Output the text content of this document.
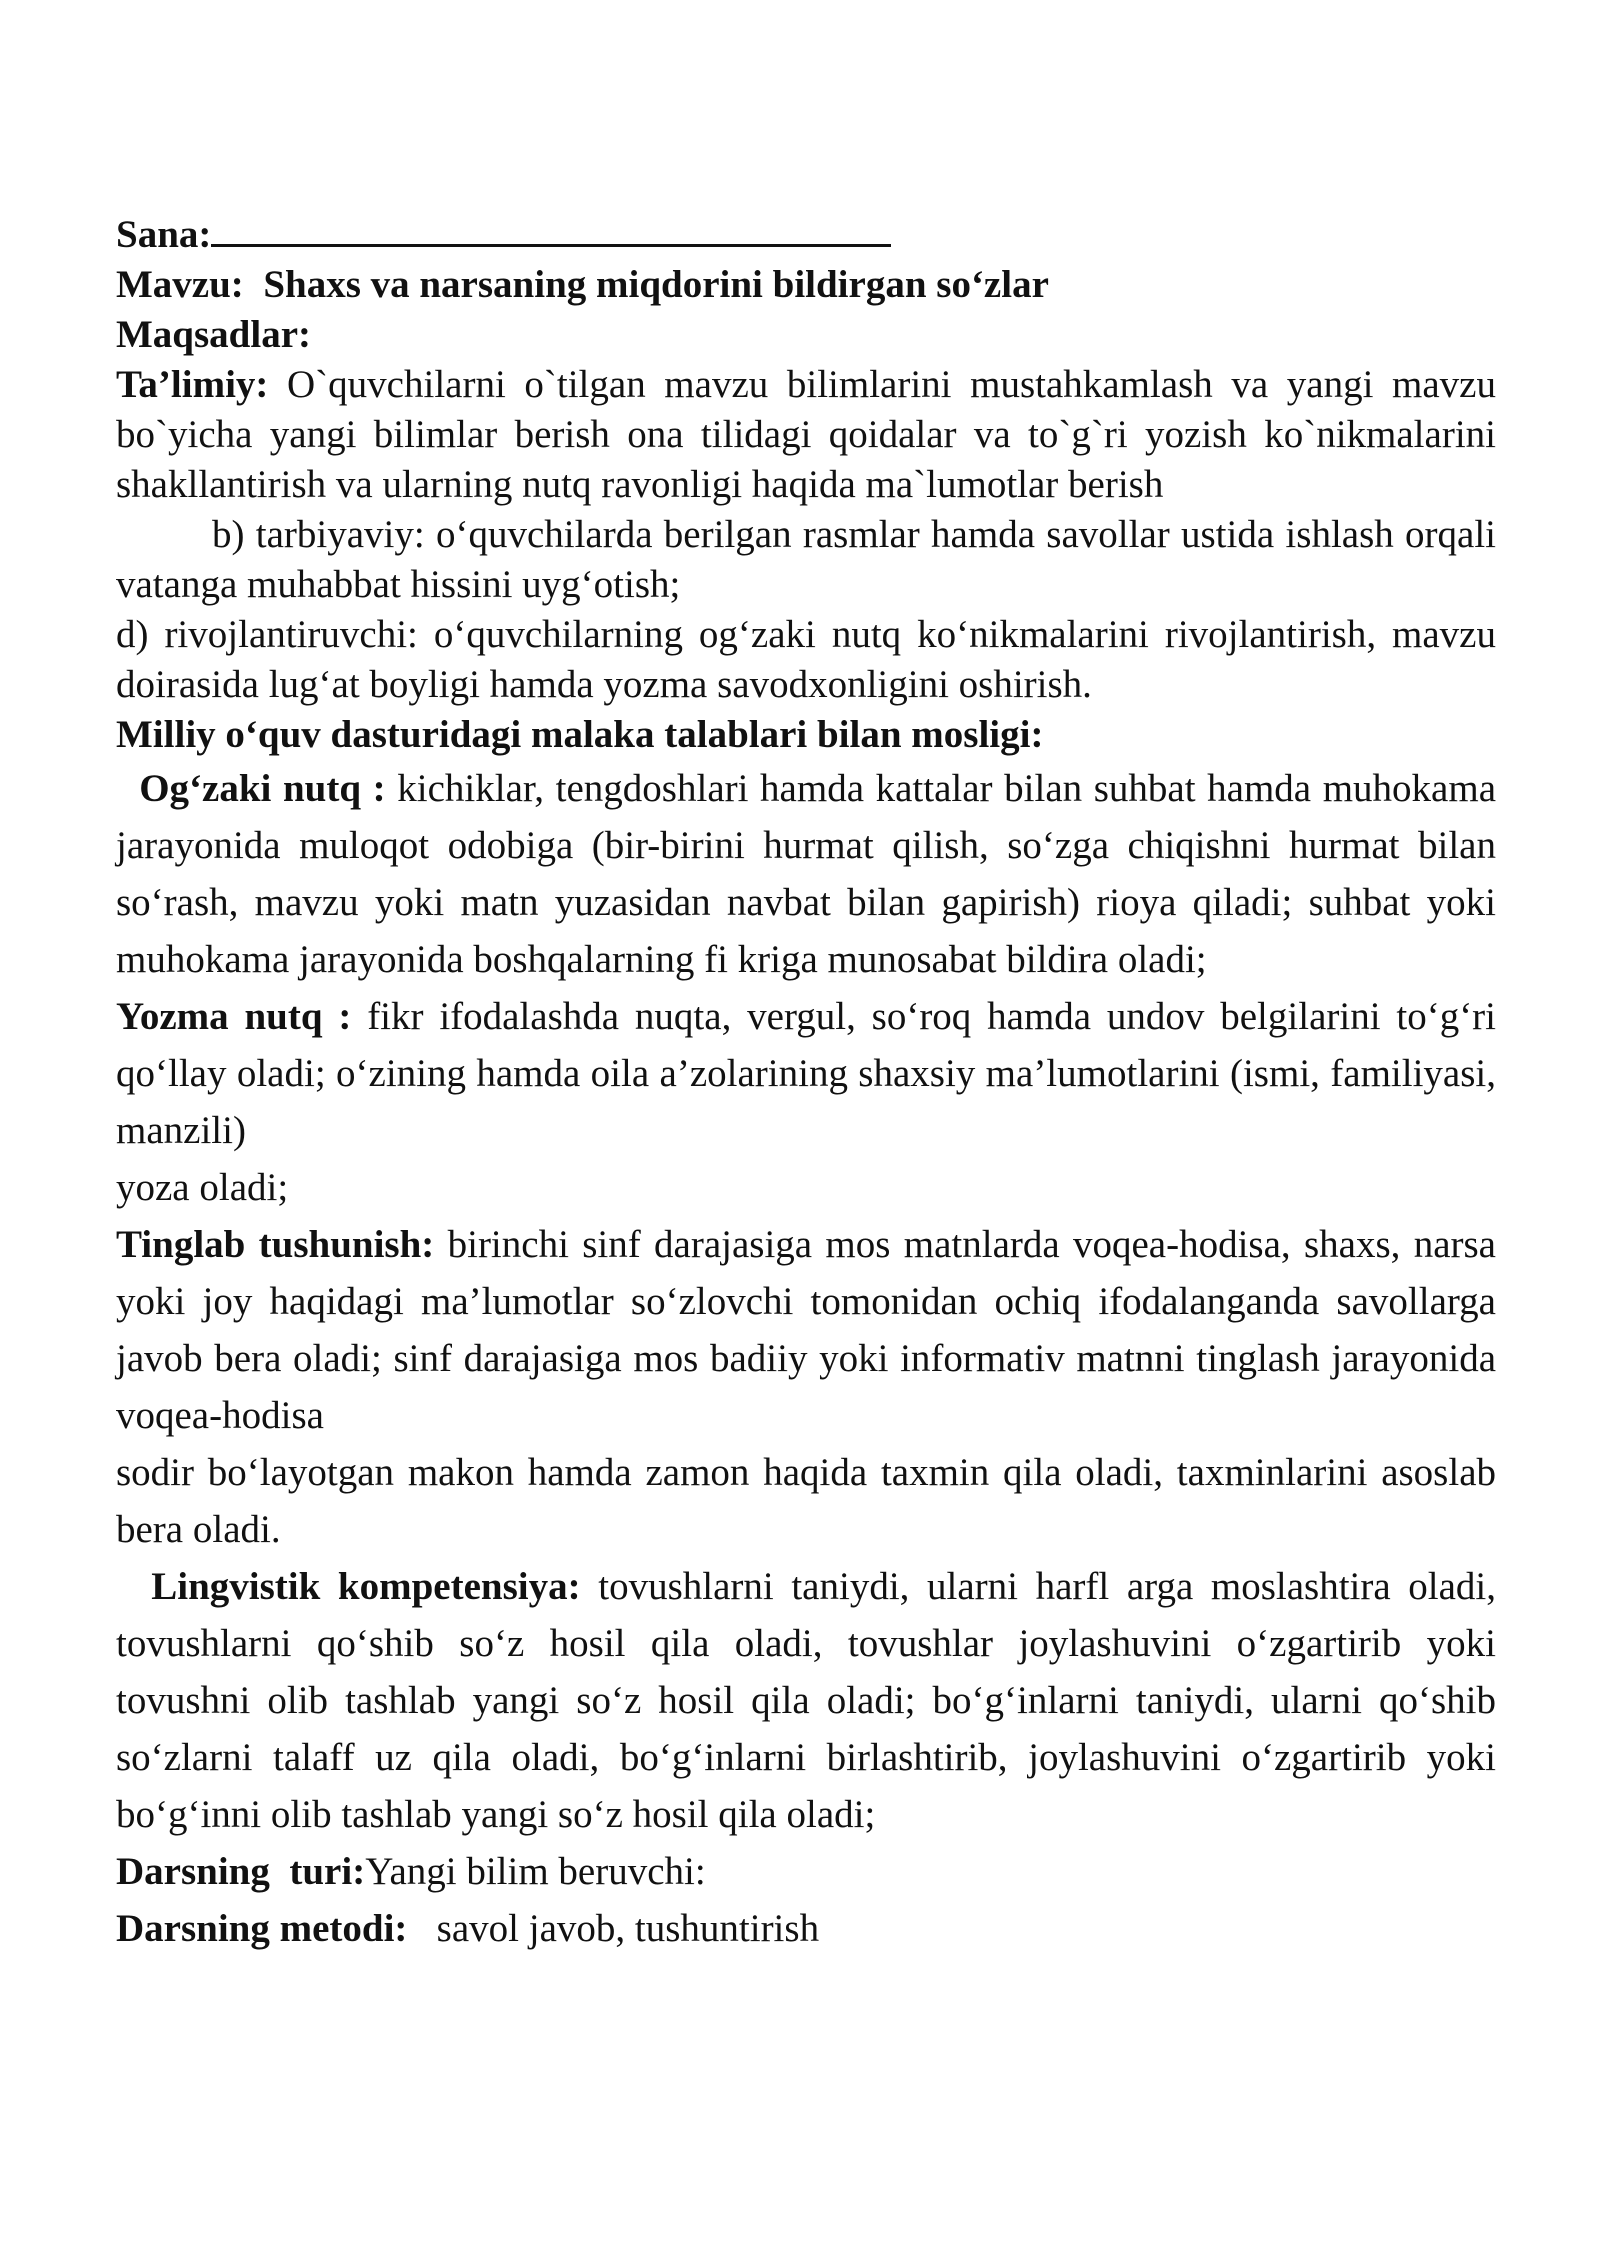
Sana:

Mavzu: Shaxs va narsaning miqdorini bildirgan so‘zlar

Maqsadlar:

Ta’limiy: O`quvchilarni o`tilgan mavzu bilimlarini mustahkamlash va yangi mavzu bo`yicha yangi bilimlar berish ona tilidagi qoidalar va to`g`ri yozish ko`nikmalarini shakllantirish va ularning nutq ravonligi haqida ma`lumotlar berish

b) tarbiyaviy: o‘quvchilarda berilgan rasmlar hamda savollar ustida ishlash orqali vatanga muhabbat hissini uyg‘otish;

d) rivojlantiruvchi: o‘quvchilarning og‘zaki nutq ko‘nikmalarini rivojlantirish, mavzu doirasida lug‘at boyligi hamda yozma savodxonligini oshirish.

Milliy o‘quv dasturidagi malaka talablari bilan mosligi:

Og‘zaki nutq : kichiklar, tengdoshlari hamda kattalar bilan suhbat hamda muhokama jarayonida muloqot odobiga (bir-birini hurmat qilish, so‘zga chiqishni hurmat bilan so‘rash, mavzu yoki matn yuzasidan navbat bilan gapirish) rioya qiladi; suhbat yoki muhokama jarayonida boshqalarning fi kriga munosabat bildira oladi;

Yozma nutq : fikr ifodalashda nuqta, vergul, so‘roq hamda undov belgilarini to‘g‘ri qo‘llay oladi; o‘zining hamda oila a’zolarining shaxsiy ma’lumotlarini (ismi, familiyasi, manzili)

yoza oladi;

Tinglab tushunish: birinchi sinf darajasiga mos matnlarda voqea-hodisa, shaxs, narsa yoki joy haqidagi ma’lumotlar so‘zlovchi tomonidan ochiq ifodalanganda savollarga javob bera oladi; sinf darajasiga mos badiiy yoki informativ matnni tinglash jarayonida voqea-hodisa

sodir bo‘layotgan makon hamda zamon haqida taxmin qila oladi, taxminlarini asoslab bera oladi.

Lingvistik kompetensiya: tovushlarni taniydi, ularni harfl arga moslashtira oladi, tovushlarni qo‘shib so‘z hosil qila oladi, tovushlar joylashuvini o‘zgartirib yoki tovushni olib tashlab yangi so‘z hosil qila oladi; bo‘g‘inlarni taniydi, ularni qo‘shib so‘zlarni talaff uz qila oladi, bo‘g‘inlarni birlashtirib, joylashuvini o‘zgartirib yoki bo‘g‘inni olib tashlab yangi so‘z hosil qila oladi;

Darsning  turi:Yangi bilim beruvchi:

Darsning metodi: savol javob, tushuntirish
